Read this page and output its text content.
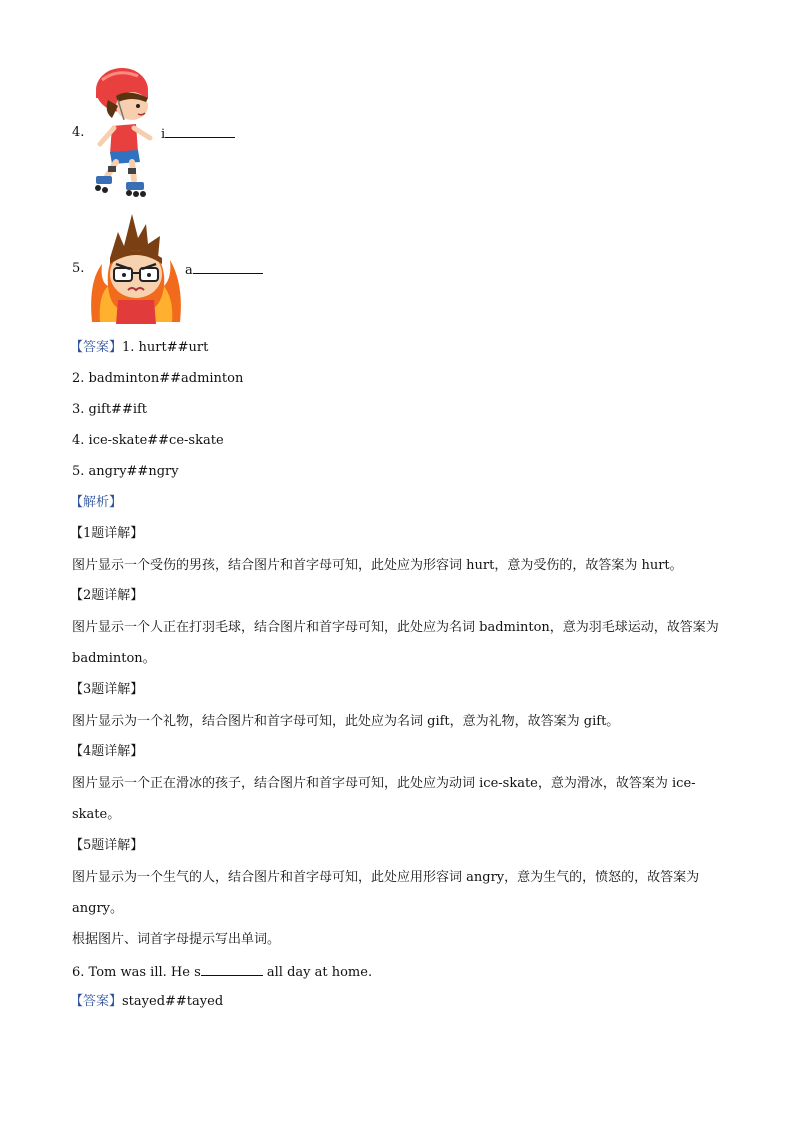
4.	i
5.	a
【答案】1. hurt##urt
2. badminton##adminton
3. gift##ift
4. ice-skate##ce-skate
5. angry##ngry
【解析】
【1题详解】
图片显示一个受伤的男孩，结合图片和首字母可知，此处应为形容词 hurt，意为受伤的，故答案为 hurt。
【2题详解】
图片显示一个人正在打羽毛球，结合图片和首字母可知，此处应为名词 badminton，意为羽毛球运动，故答案为 badminton。
【3题详解】
图片显示为一个礼物，结合图片和首字母可知，此处应为名词 gift，意为礼物，故答案为 gift。
【4题详解】
图片显示一个正在滑冰的孩子，结合图片和首字母可知，此处应为动词 ice-skate，意为滑冰，故答案为 ice-skate。
【5题详解】
图片显示为一个生气的人，结合图片和首字母可知，此处应用形容词 angry，意为生气的，愤怒的，故答案为 angry。
根据图片、词首字母提示写出单词。
6. Tom was ill. He s	all day at home.
【答案】stayed##tayed
